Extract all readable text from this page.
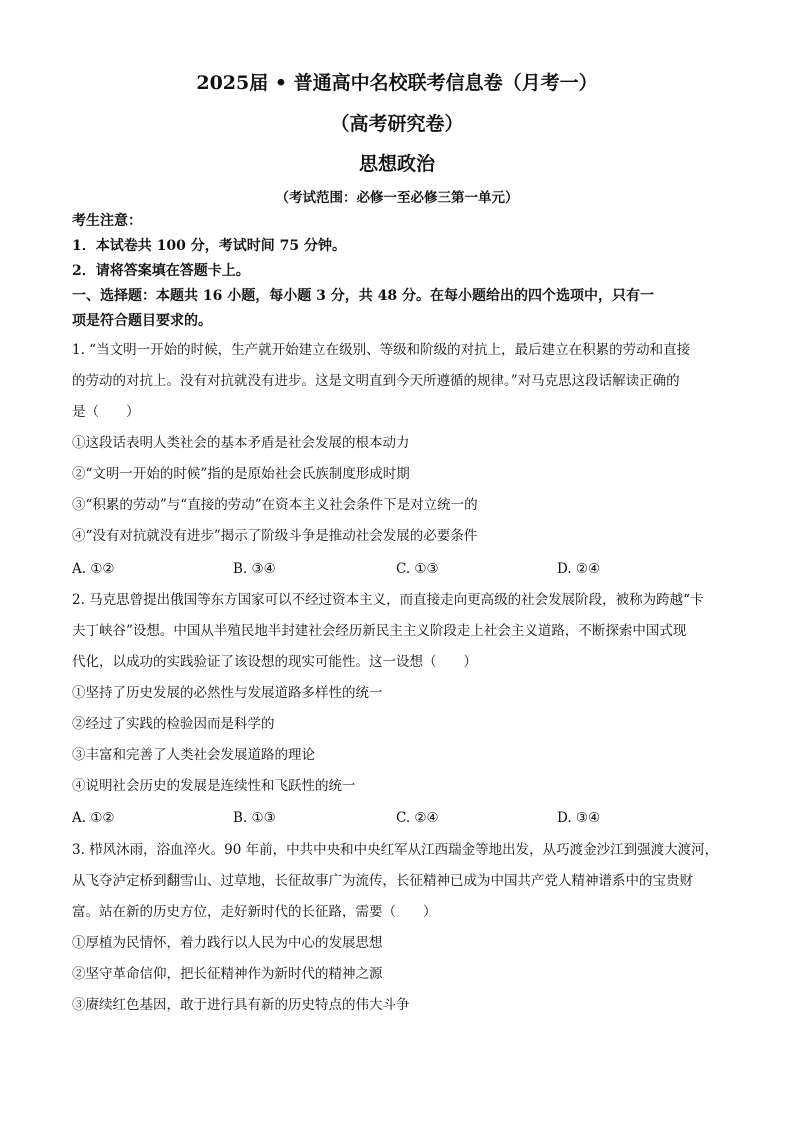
2025届 • 普通高中名校联考信息卷（月考一）
（高考研究卷）
思想政治
（考试范围：必修一至必修三第一单元）
考生注意：
1．本试卷共 100 分，考试时间 75 分钟。
2．请将答案填在答题卡上。
一、选择题：本题共 16 小题，每小题 3 分，共 48 分。在每小题给出的四个选项中，只有一
项是符合题目要求的。
1. “当文明一开始的时候，生产就开始建立在级别、等级和阶级的对抗上，最后建立在积累的劳动和直接
的劳动的对抗上。没有对抗就没有进步。这是文明直到今天所遵循的规律。”对马克思这段话解读正确的
是（　　）
①这段话表明人类社会的基本矛盾是社会发展的根本动力
②“文明一开始的时候”指的是原始社会氏族制度形成时期
③“积累的劳动”与“直接的劳动”在资本主义社会条件下是对立统一的
④“没有对抗就没有进步”揭示了阶级斗争是推动社会发展的必要条件
A. ①②	B. ③④	C. ①③	D. ②④
2. 马克思曾提出俄国等东方国家可以不经过资本主义，而直接走向更高级的社会发展阶段，被称为跨越“卡
夫丁峡谷”设想。中国从半殖民地半封建社会经历新民主主义阶段走上社会主义道路，不断探索中国式现
代化，以成功的实践验证了该设想的现实可能性。这一设想（　　）
①坚持了历史发展的必然性与发展道路多样性的统一
②经过了实践的检验因而是科学的
③丰富和完善了人类社会发展道路的理论
④说明社会历史的发展是连续性和飞跃性的统一
A. ①②	B. ①③	C. ②④	D. ③④
3. 栉风沐雨，浴血淬火。90 年前，中共中央和中央红军从江西瑞金等地出发，从巧渡金沙江到强渡大渡河，
从飞夺泸定桥到翻雪山、过草地，长征故事广为流传，长征精神已成为中国共产党人精神谱系中的宝贵财
富。站在新的历史方位，走好新时代的长征路，需要（　　）
①厚植为民情怀，着力践行以人民为中心的发展思想
②坚守革命信仰，把长征精神作为新时代的精神之源
③赓续红色基因，敢于进行具有新的历史特点的伟大斗争
